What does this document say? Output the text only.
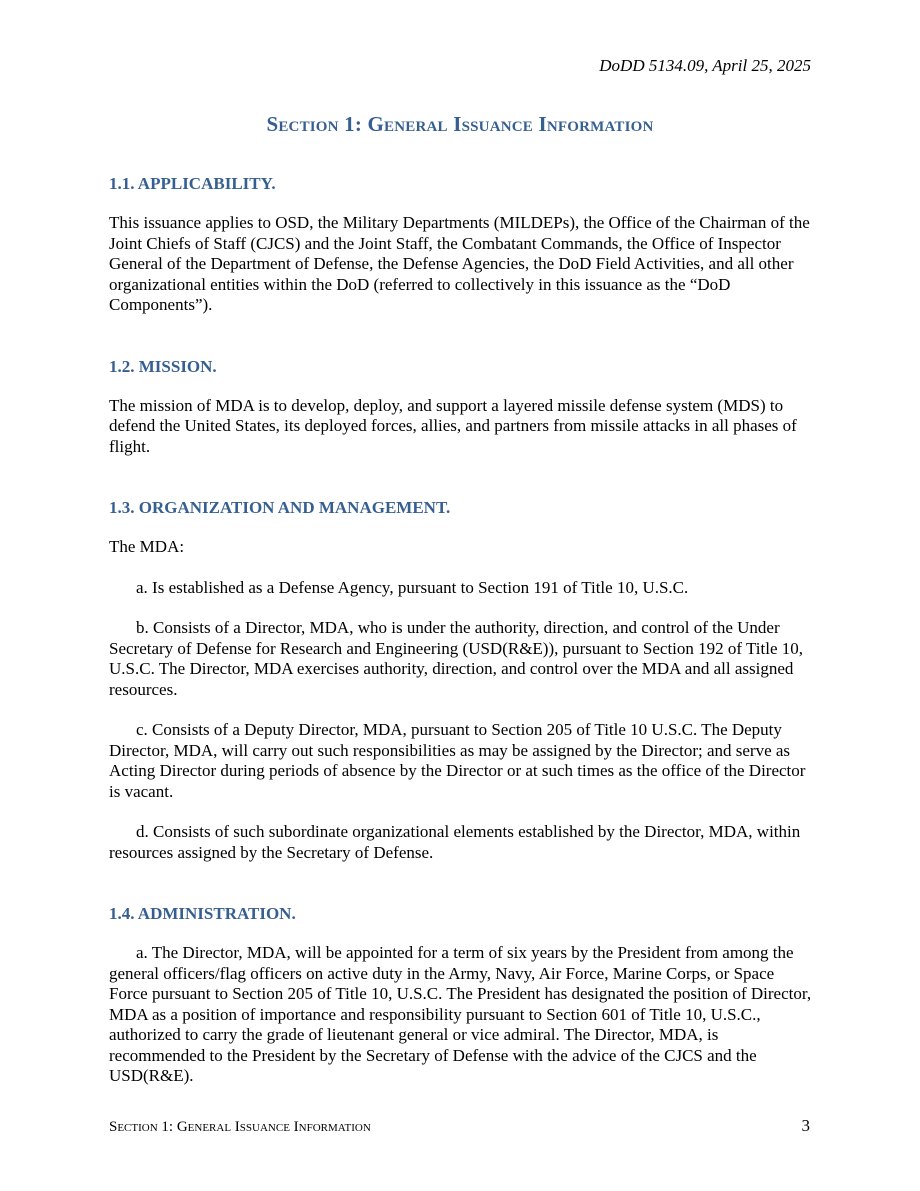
DoDD 5134.09, April 25, 2025
Section 1: General Issuance Information
1.1. APPLICABILITY.

This issuance applies to OSD, the Military Departments (MILDEPs), the Office of the Chairman of the Joint Chiefs of Staff (CJCS) and the Joint Staff, the Combatant Commands, the Office of Inspector General of the Department of Defense, the Defense Agencies, the DoD Field Activities, and all other organizational entities within the DoD (referred to collectively in this issuance as the “DoD Components”).

1.2. MISSION.

The mission of MDA is to develop, deploy, and support a layered missile defense system (MDS) to defend the United States, its deployed forces, allies, and partners from missile attacks in all phases of flight.

1.3. ORGANIZATION AND MANAGEMENT.

The MDA:

a. Is established as a Defense Agency, pursuant to Section 191 of Title 10, U.S.C.

b. Consists of a Director, MDA, who is under the authority, direction, and control of the Under Secretary of Defense for Research and Engineering (USD(R&E)), pursuant to Section 192 of Title 10, U.S.C. The Director, MDA exercises authority, direction, and control over the MDA and all assigned resources.

c. Consists of a Deputy Director, MDA, pursuant to Section 205 of Title 10 U.S.C. The Deputy Director, MDA, will carry out such responsibilities as may be assigned by the Director; and serve as Acting Director during periods of absence by the Director or at such times as the office of the Director is vacant.

d. Consists of such subordinate organizational elements established by the Director, MDA, within resources assigned by the Secretary of Defense.

1.4. ADMINISTRATION.

a. The Director, MDA, will be appointed for a term of six years by the President from among the general officers/flag officers on active duty in the Army, Navy, Air Force, Marine Corps, or Space Force pursuant to Section 205 of Title 10, U.S.C. The President has designated the position of Director, MDA as a position of importance and responsibility pursuant to Section 601 of Title 10, U.S.C., authorized to carry the grade of lieutenant general or vice admiral. The Director, MDA, is recommended to the President by the Secretary of Defense with the advice of the CJCS and the USD(R&E).

Section 1: General Issuance Information	3
